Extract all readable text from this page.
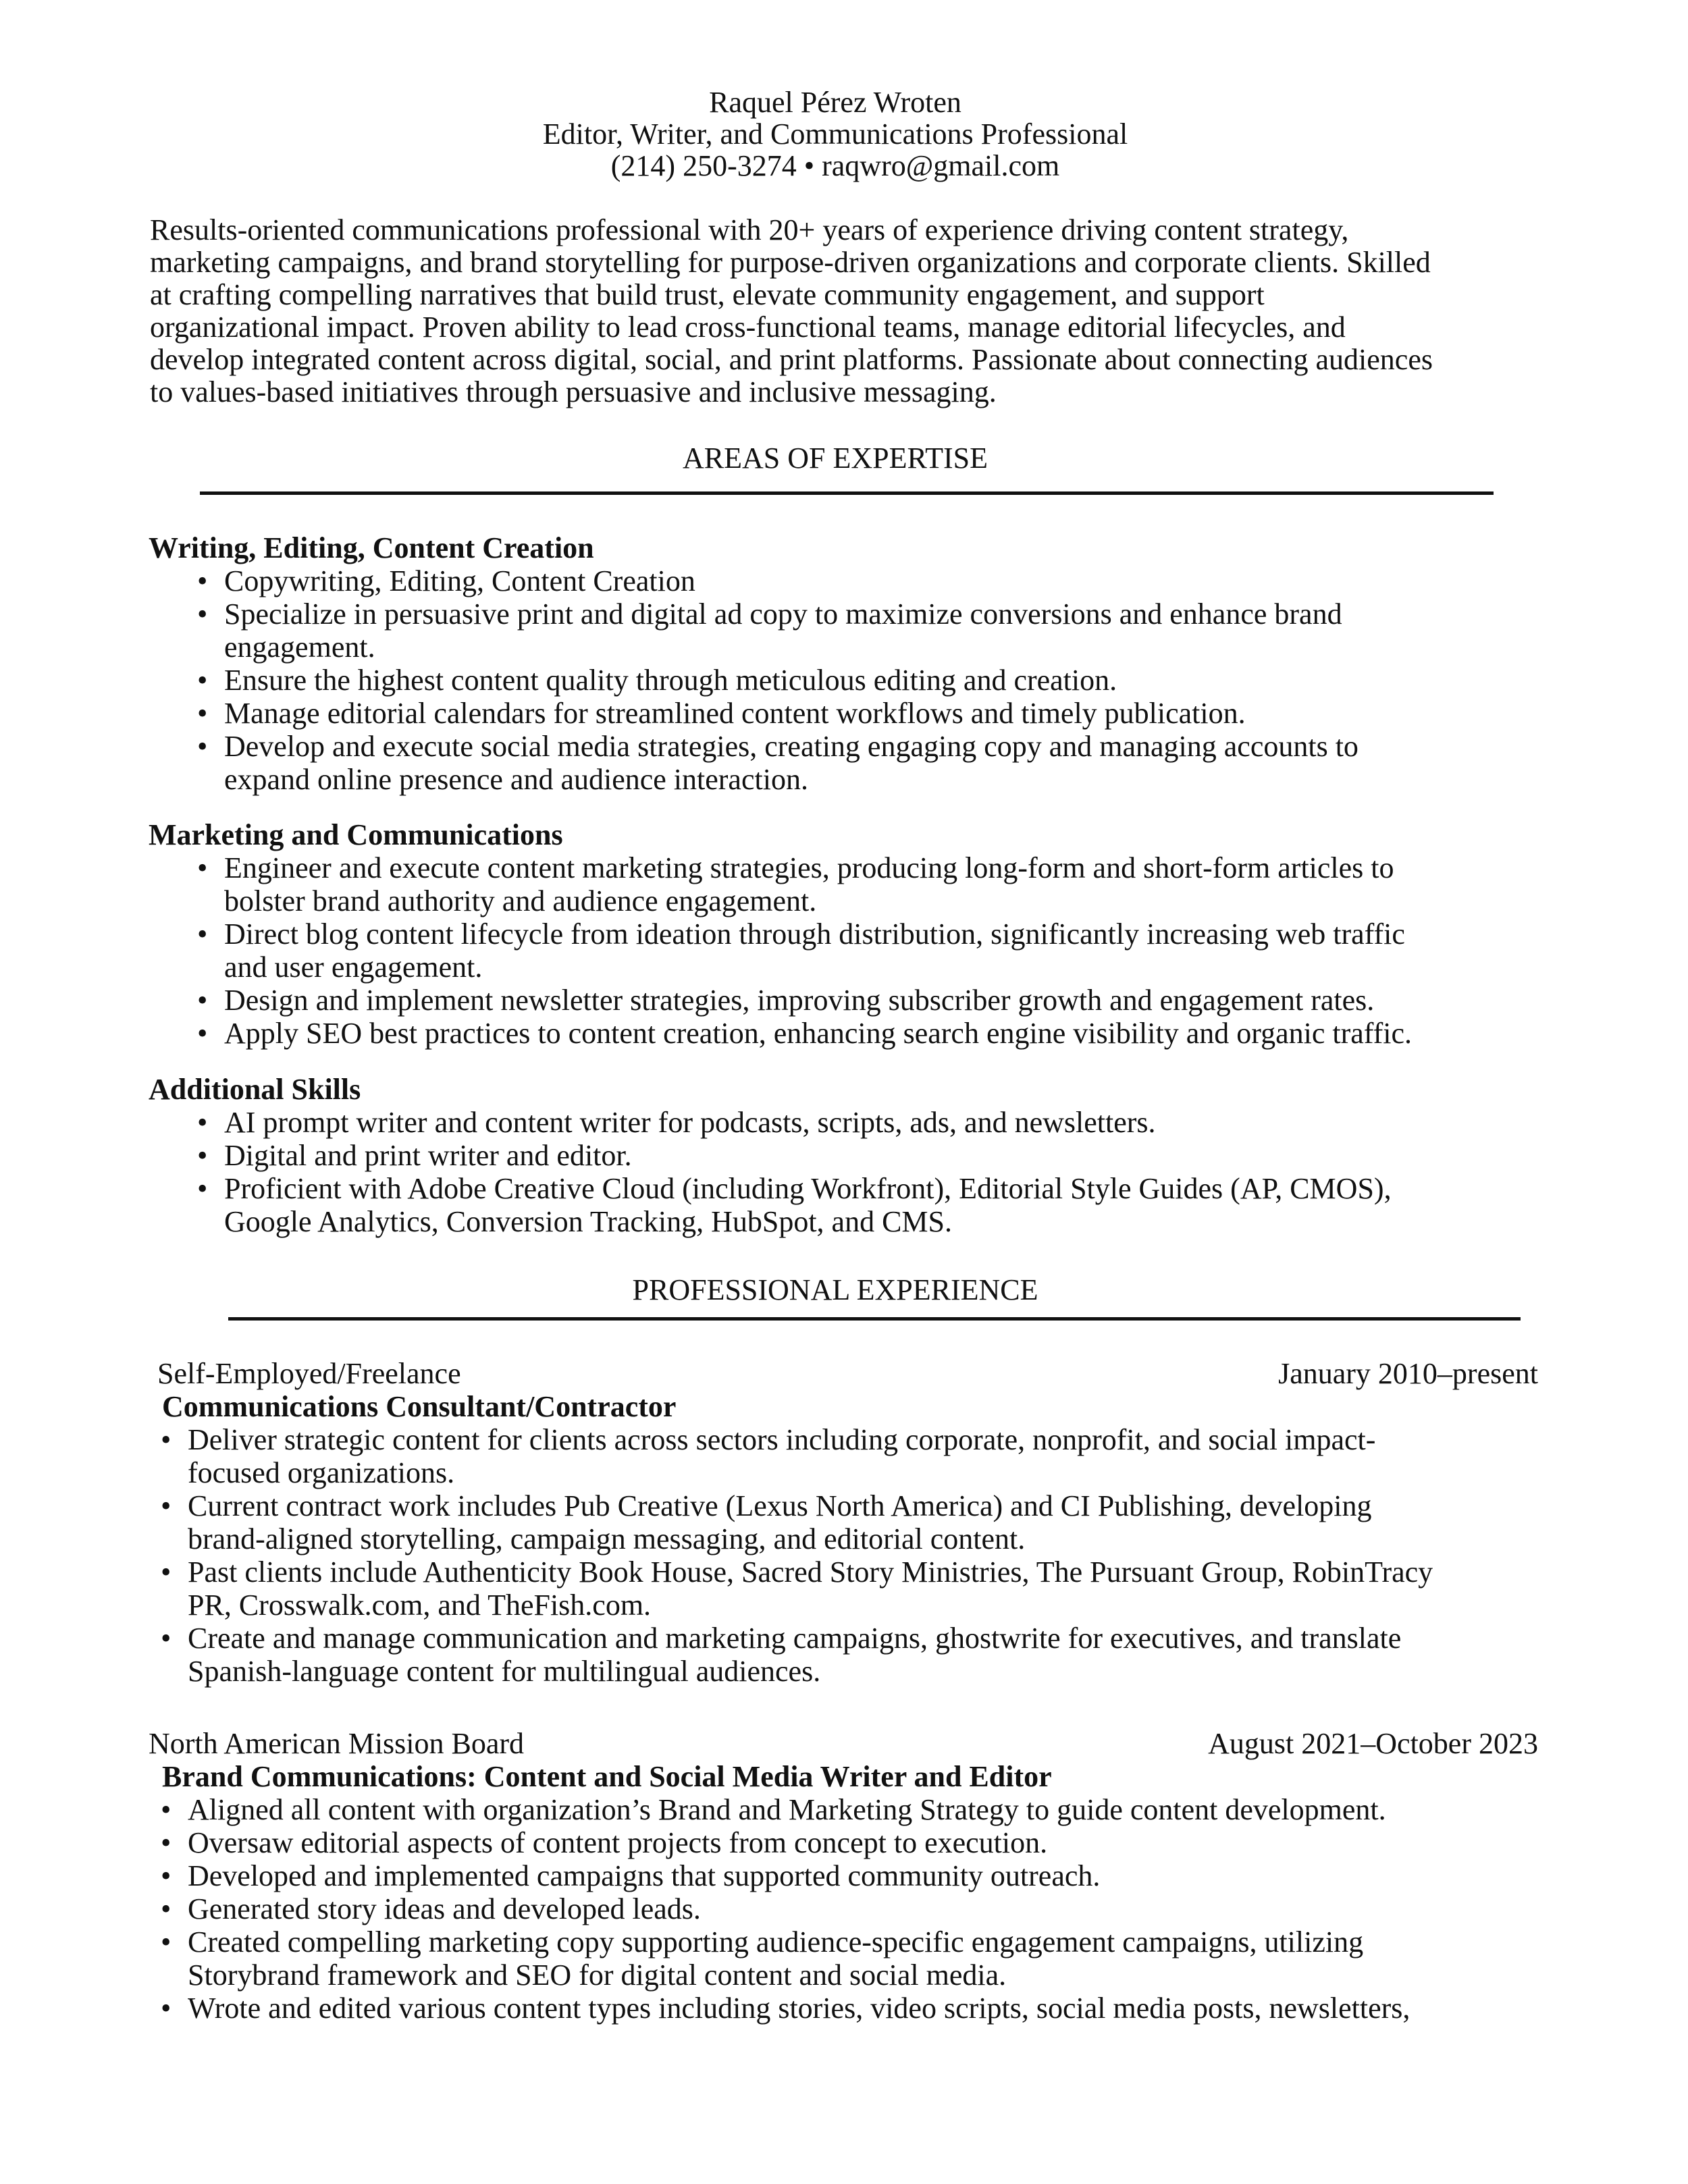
Raquel Pérez Wroten
Editor, Writer, and Communications Professional
(214) 250-3274 • raqwro@gmail.com
Results-oriented communications professional with 20+ years of experience driving content strategy,
marketing campaigns, and brand storytelling for purpose-driven organizations and corporate clients. Skilled
at crafting compelling narratives that build trust, elevate community engagement, and support
organizational impact. Proven ability to lead cross-functional teams, manage editorial lifecycles, and
develop integrated content across digital, social, and print platforms. Passionate about connecting audiences
to values-based initiatives through persuasive and inclusive messaging.
AREAS OF EXPERTISE
Writing, Editing, Content Creation
• Copywriting, Editing, Content Creation
• Specialize in persuasive print and digital ad copy to maximize conversions and enhance brand
engagement.
• Ensure the highest content quality through meticulous editing and creation.
• Manage editorial calendars for streamlined content workflows and timely publication.
• Develop and execute social media strategies, creating engaging copy and managing accounts to
expand online presence and audience interaction.
Marketing and Communications
• Engineer and execute content marketing strategies, producing long-form and short-form articles to
bolster brand authority and audience engagement.
• Direct blog content lifecycle from ideation through distribution, significantly increasing web traffic
and user engagement.
• Design and implement newsletter strategies, improving subscriber growth and engagement rates.
• Apply SEO best practices to content creation, enhancing search engine visibility and organic traffic.
Additional Skills
• AI prompt writer and content writer for podcasts, scripts, ads, and newsletters.
• Digital and print writer and editor.
• Proficient with Adobe Creative Cloud (including Workfront), Editorial Style Guides (AP, CMOS),
Google Analytics, Conversion Tracking, HubSpot, and CMS.
PROFESSIONAL EXPERIENCE
Self-Employed/Freelance	January 2010–present
Communications Consultant/Contractor
• Deliver strategic content for clients across sectors including corporate, nonprofit, and social impact-
focused organizations.
• Current contract work includes Pub Creative (Lexus North America) and CI Publishing, developing
brand-aligned storytelling, campaign messaging, and editorial content.
• Past clients include Authenticity Book House, Sacred Story Ministries, The Pursuant Group, RobinTracy
PR, Crosswalk.com, and TheFish.com.
• Create and manage communication and marketing campaigns, ghostwrite for executives, and translate
Spanish-language content for multilingual audiences.
North American Mission Board	August 2021–October 2023
Brand Communications: Content and Social Media Writer and Editor
• Aligned all content with organization’s Brand and Marketing Strategy to guide content development.
• Oversaw editorial aspects of content projects from concept to execution.
• Developed and implemented campaigns that supported community outreach.
• Generated story ideas and developed leads.
• Created compelling marketing copy supporting audience-specific engagement campaigns, utilizing
Storybrand framework and SEO for digital content and social media.
• Wrote and edited various content types including stories, video scripts, social media posts, newsletters,
